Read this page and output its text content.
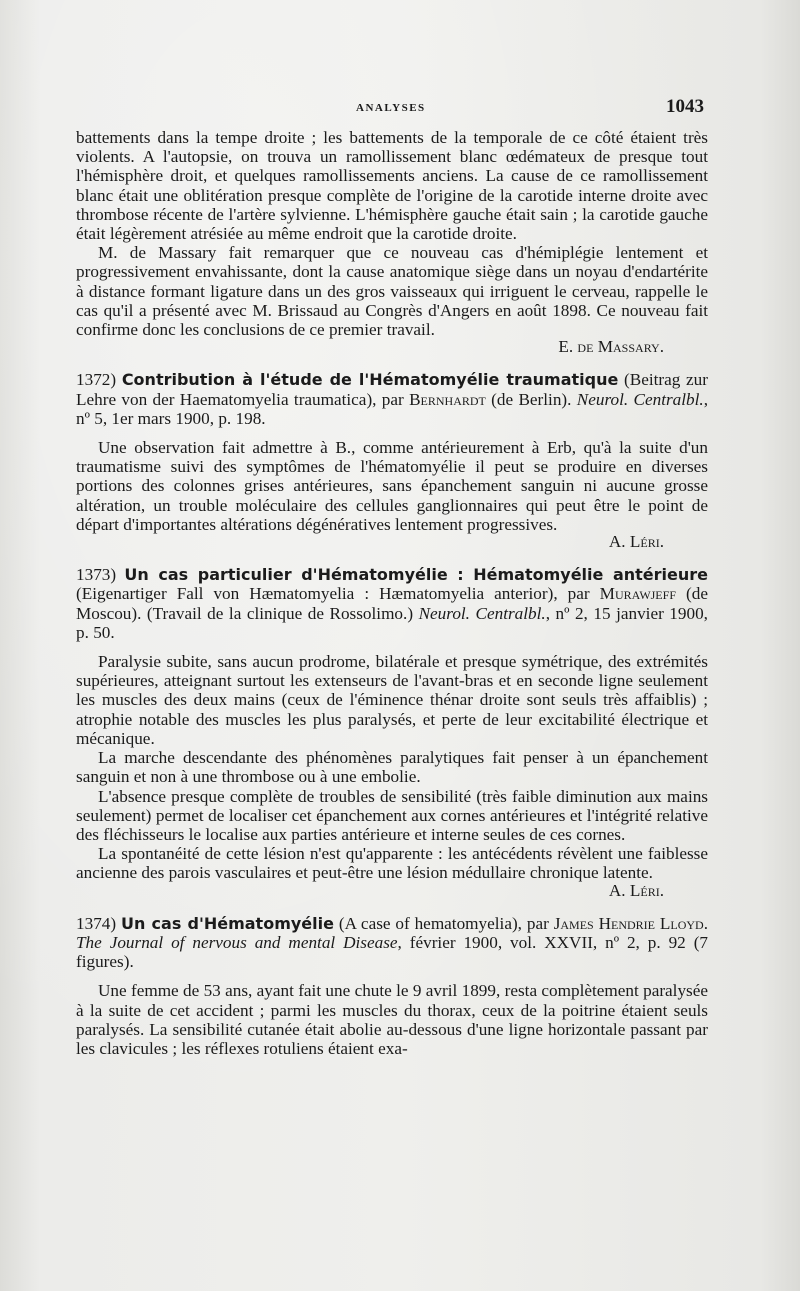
ANALYSES	1043

battements dans la tempe droite ; les battements de la temporale de ce côté étaient très violents. A l'autopsie, on trouva un ramollissement blanc œdémateux de presque tout l'hémisphère droit, et quelques ramollissements anciens. La cause de ce ramollissement blanc était une oblitération presque complète de l'origine de la carotide interne droite avec thrombose récente de l'artère sylvienne. L'hémisphère gauche était sain ; la carotide gauche était légèrement atrésiée au même endroit que la carotide droite.

M. de Massary fait remarquer que ce nouveau cas d'hémiplégie lentement et progressivement envahissante, dont la cause anatomique siège dans un noyau d'endartérite à distance formant ligature dans un des gros vaisseaux qui irriguent le cerveau, rappelle le cas qu'il a présenté avec M. Brissaud au Congrès d'Angers en août 1898. Ce nouveau fait confirme donc les conclusions de ce premier travail.

E. de Massary.

1372) Contribution à l'étude de l'Hématomyélie traumatique (Beitrag zur Lehre von der Haematomyelia traumatica), par Bernhardt (de Berlin). Neurol. Centralbl., nº 5, 1er mars 1900, p. 198.

Une observation fait admettre à B., comme antérieurement à Erb, qu'à la suite d'un traumatisme suivi des symptômes de l'hématomyélie il peut se produire en diverses portions des colonnes grises antérieures, sans épanchement sanguin ni aucune grosse altération, un trouble moléculaire des cellules ganglionnaires qui peut être le point de départ d'importantes altérations dégénératives lentement progressives.

A. Léri.

1373) Un cas particulier d'Hématomyélie : Hématomyélie antérieure (Eigenartiger Fall von Hæmatomyelia : Hæmatomyelia anterior), par Murawjeff (de Moscou). (Travail de la clinique de Rossolimo.) Neurol. Centralbl., nº 2, 15 janvier 1900, p. 50.

Paralysie subite, sans aucun prodrome, bilatérale et presque symétrique, des extrémités supérieures, atteignant surtout les extenseurs de l'avant-bras et en seconde ligne seulement les muscles des deux mains (ceux de l'éminence thénar droite sont seuls très affaiblis) ; atrophie notable des muscles les plus paralysés, et perte de leur excitabilité électrique et mécanique.

La marche descendante des phénomènes paralytiques fait penser à un épanchement sanguin et non à une thrombose ou à une embolie.

L'absence presque complète de troubles de sensibilité (très faible diminution aux mains seulement) permet de localiser cet épanchement aux cornes antérieures et l'intégrité relative des fléchisseurs le localise aux parties antérieure et interne seules de ces cornes.

La spontanéité de cette lésion n'est qu'apparente : les antécédents révèlent une faiblesse ancienne des parois vasculaires et peut-être une lésion médullaire chronique latente.

A. Léri.

1374) Un cas d'Hématomyélie (A case of hematomyelia), par James Hendrie Lloyd. The Journal of nervous and mental Disease, février 1900, vol. XXVII, nº 2, p. 92 (7 figures).

Une femme de 53 ans, ayant fait une chute le 9 avril 1899, resta complètement paralysée à la suite de cet accident ; parmi les muscles du thorax, ceux de la poitrine étaient seuls paralysés. La sensibilité cutanée était abolie au-dessous d'une ligne horizontale passant par les clavicules ; les réflexes rotuliens étaient exa-
